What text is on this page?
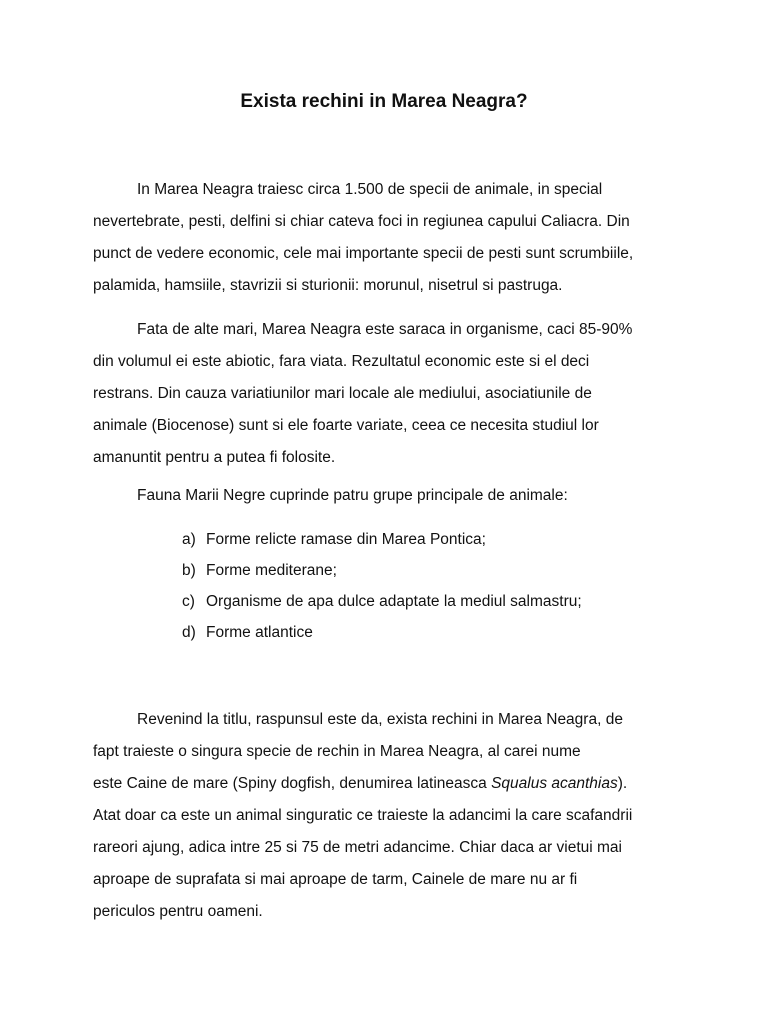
Exista rechini in Marea Neagra?

In Marea Neagra traiesc circa 1.500 de specii de animale, in special
nevertebrate, pesti, delfini si chiar cateva foci in regiunea capului Caliacra. Din
punct de vedere economic, cele mai importante specii de pesti sunt scrumbiile,
palamida, hamsiile, stavrizii si sturionii: morunul, nisetrul si pastruga.

Fata de alte mari, Marea Neagra este saraca in organisme, caci 85-90%
din volumul ei este abiotic, fara viata. Rezultatul economic este si el deci
restrans. Din cauza variatiunilor mari locale ale mediului, asociatiunile de
animale (Biocenose) sunt si ele foarte variate, ceea ce necesita studiul lor
amanuntit pentru a putea fi folosite.

Fauna Marii Negre cuprinde patru grupe principale de animale:

a) Forme relicte ramase din Marea Pontica;
b) Forme mediterane;
c) Organisme de apa dulce adaptate la mediul salmastru;
d) Forme atlantice

Revenind la titlu, raspunsul este da, exista rechini in Marea Neagra, de
fapt traieste o singura specie de rechin in Marea Neagra, al carei nume
este Caine de mare (Spiny dogfish, denumirea latineasca Squalus acanthias).
Atat doar ca este un animal singuratic ce traieste la adancimi la care scafandrii
rareori ajung, adica intre 25 si 75 de metri adancime. Chiar daca ar vietui mai
aproape de suprafata si mai aproape de tarm, Cainele de mare nu ar fi
periculos pentru oameni.
